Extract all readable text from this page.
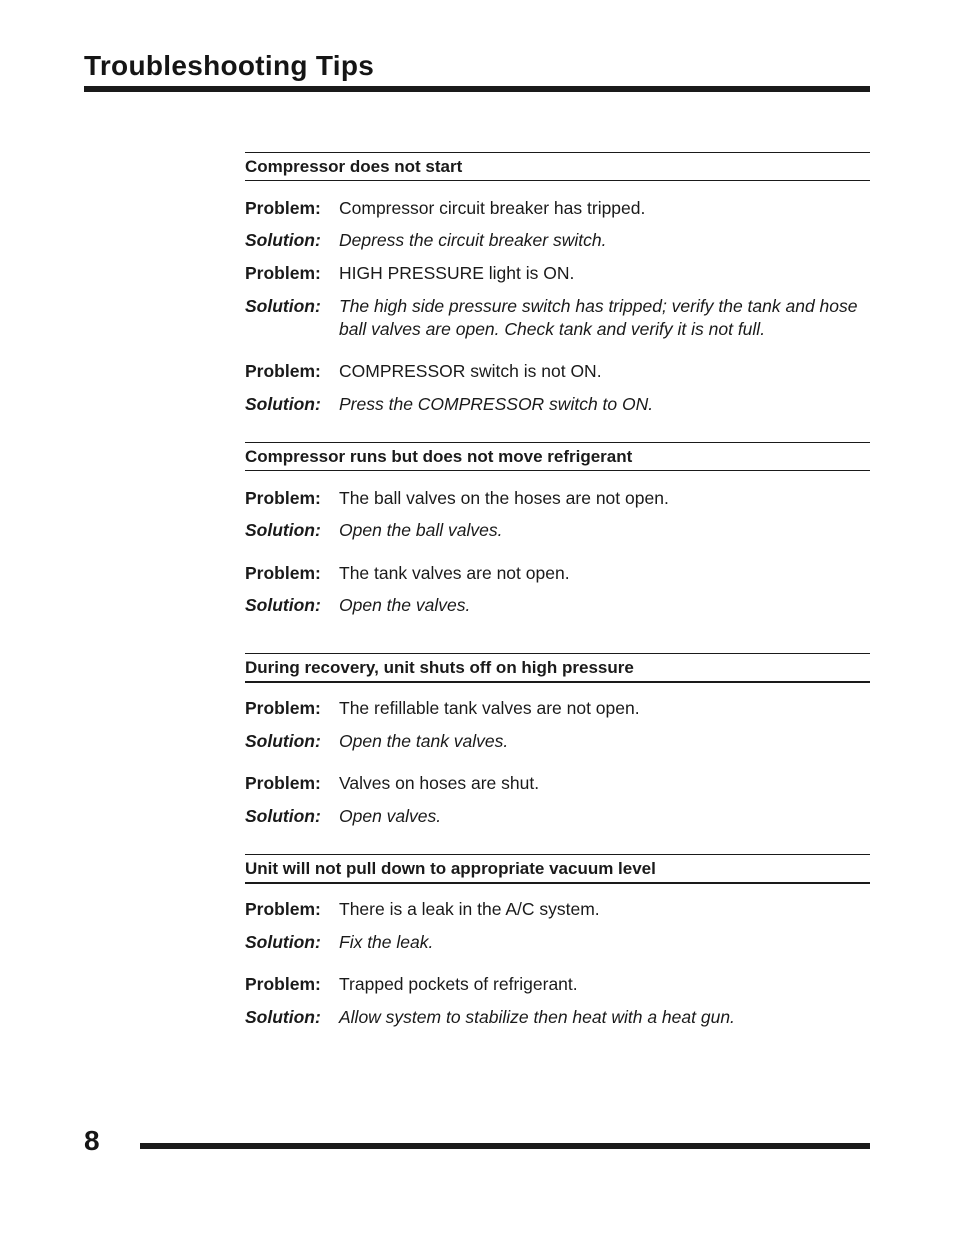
Troubleshooting Tips
Compressor does not start
Problem:	Compressor circuit breaker has tripped.
Solution:	Depress the circuit breaker switch.
Problem:	HIGH PRESSURE light is ON.
Solution:	The high side pressure switch has tripped; verify the tank and hose ball valves are open. Check tank and verify it is not full.
Problem:	COMPRESSOR switch is not ON.
Solution:	Press the COMPRESSOR switch to ON.
Compressor runs but does not move refrigerant
Problem:	The ball valves on the hoses are not open.
Solution:	Open the ball valves.
Problem:	The tank valves are not open.
Solution:	Open the valves.
During recovery, unit shuts off on high pressure
Problem:	The refillable tank valves are not open.
Solution:	Open the tank valves.
Problem:	Valves on hoses are shut.
Solution:	Open valves.
Unit will not pull down to appropriate vacuum level
Problem:	There is a leak in the A/C system.
Solution:	Fix the leak.
Problem:	Trapped pockets of refrigerant.
Solution:	Allow system to stabilize then heat with a heat gun.
8
